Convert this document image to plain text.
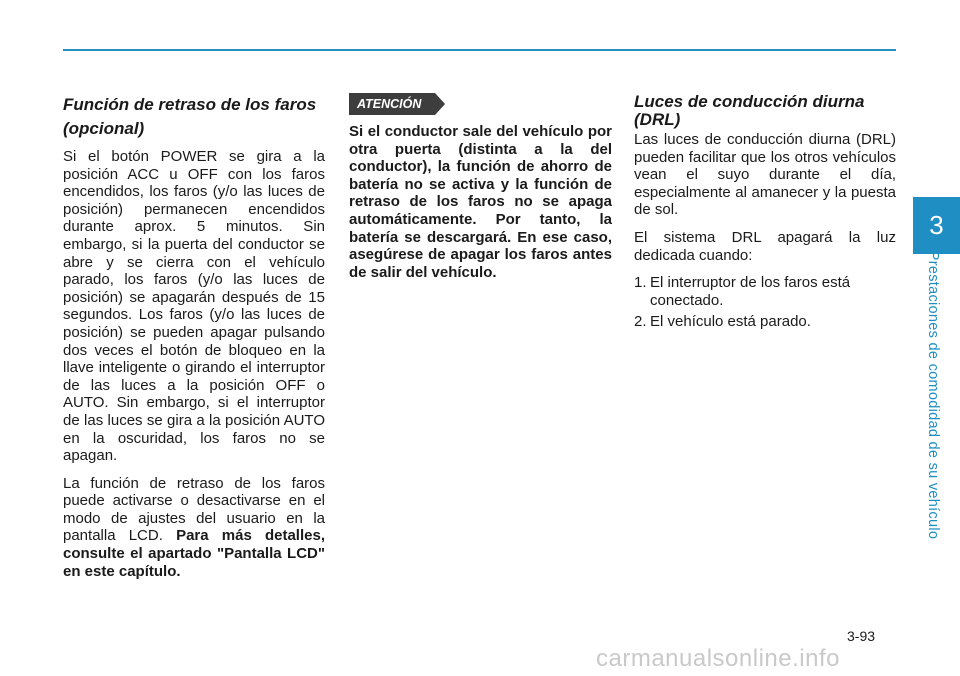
3
Prestaciones de comodidad de su vehículo
Función de retraso de los faros (opcional)

Si el botón POWER se gira a la posición ACC u OFF con los faros encendidos, los faros (y/o las luces de posición) permanecen encendidos durante aprox. 5 minutos. Sin embargo, si la puerta del conductor se abre y se cierra con el vehículo parado, los faros (y/o las luces de posición) se apagarán después de 15 segundos. Los faros (y/o las luces de posición) se pueden apagar pulsando dos veces el botón de bloqueo en la llave inteligente o girando el interruptor de las luces a la posición OFF o AUTO. Sin embargo, si el interruptor de las luces se gira a la posición AUTO en la oscuridad, los faros no se apagan.

La función de retraso de los faros puede activarse o desactivarse en el modo de ajustes del usuario en la pantalla LCD. Para más detalles, consulte el apartado "Pantalla LCD" en este capítulo.

ATENCIÓN

Si el conductor sale del vehículo por otra puerta (distinta a la del conductor), la función de ahorro de batería no se activa y la función de retraso de los faros no se apaga automáticamente. Por tanto, la batería se descargará. En ese caso, asegúrese de apagar los faros antes de salir del vehículo.

Luces de conducción diurna (DRL)

Las luces de conducción diurna (DRL) pueden facilitar que los otros vehículos vean el suyo durante el día, especialmente al amanecer y la puesta de sol.

El sistema DRL apagará la luz dedicada cuando:

1. El interruptor de los faros está conectado.
2. El vehículo está parado.
3-93
carmanualsonline.info
